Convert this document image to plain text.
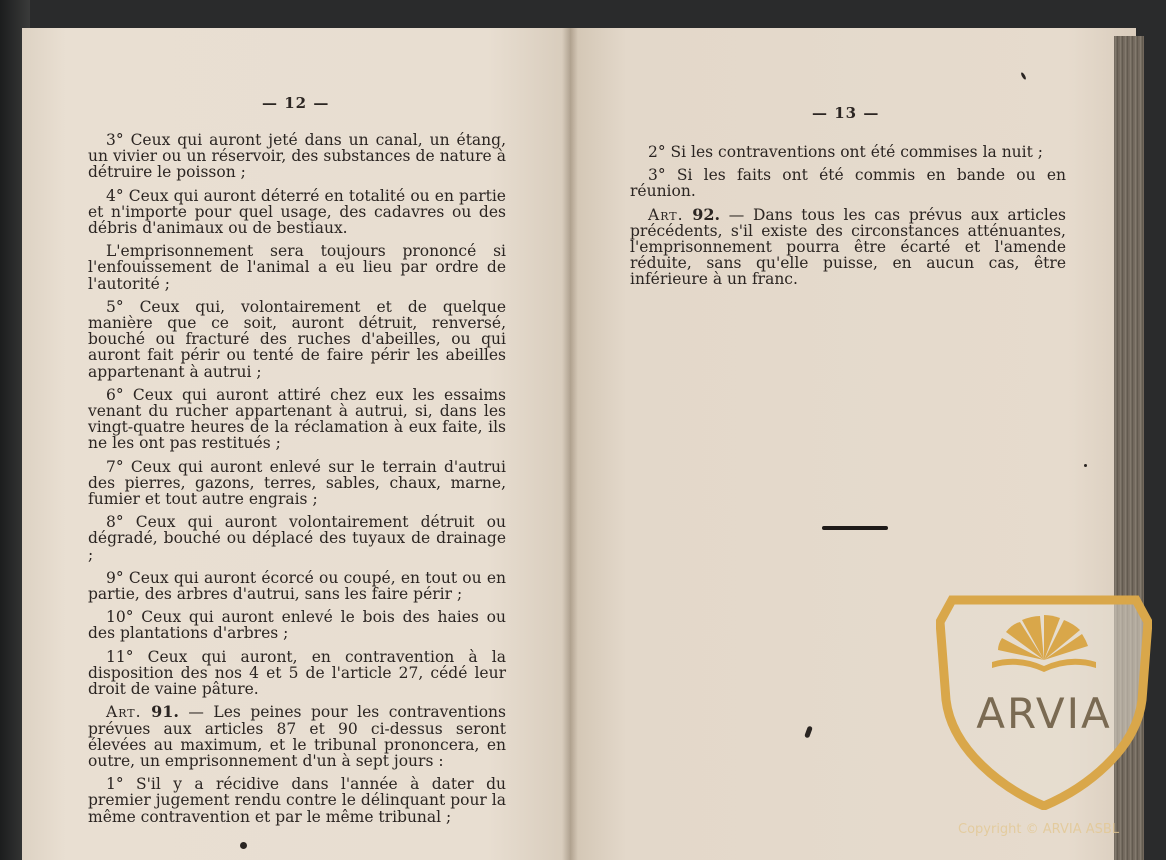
— 12 —

3° Ceux qui auront jeté dans un canal, un étang, un vivier ou un réservoir, des substances de nature à détruire le poisson ;

4° Ceux qui auront déterré en totalité ou en partie et n'importe pour quel usage, des cadavres ou des débris d'animaux ou de bestiaux.

L'emprisonnement sera toujours prononcé si l'enfouissement de l'animal a eu lieu par ordre de l'autorité ;

5° Ceux qui, volontairement et de quelque manière que ce soit, auront détruit, renversé, bouché ou fracturé des ruches d'abeilles, ou qui auront fait périr ou tenté de faire périr les abeilles appartenant à autrui ;

6° Ceux qui auront attiré chez eux les essaims venant du rucher appartenant à autrui, si, dans les vingt-quatre heures de la réclamation à eux faite, ils ne les ont pas restitués ;

7° Ceux qui auront enlevé sur le terrain d'autrui des pierres, gazons, terres, sables, chaux, marne, fumier et tout autre engrais ;

8° Ceux qui auront volontairement détruit ou dégradé, bouché ou déplacé des tuyaux de drainage ;

9° Ceux qui auront écorcé ou coupé, en tout ou en partie, des arbres d'autrui, sans les faire périr ;

10° Ceux qui auront enlevé le bois des haies ou des plantations d'arbres ;

11° Ceux qui auront, en contravention à la disposition des nos 4 et 5 de l'article 27, cédé leur droit de vaine pâture.

Art. 91. — Les peines pour les contraventions prévues aux articles 87 et 90 ci-dessus seront élevées au maximum, et le tribunal prononcera, en outre, un emprisonnement d'un à sept jours :

1° S'il y a récidive dans l'année à dater du premier jugement rendu contre le délinquant pour la même contravention et par le même tribunal ;

— 13 —

2° Si les contraventions ont été commises la nuit ;

3° Si les faits ont été commis en bande ou en réunion.

Art. 92. — Dans tous les cas prévus aux articles précédents, s'il existe des circonstances atténuantes, l'emprisonnement pourra être écarté et l'amende réduite, sans qu'elle puisse, en aucun cas, être inférieure à un franc.

ARVIA
Copyright © ARVIA ASBL
